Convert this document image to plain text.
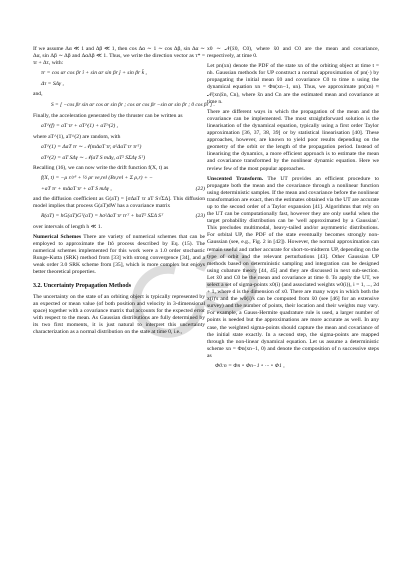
If we assume Δα ≪ 1 and Δβ ≪ 1, then cos Δα ∼ 1 ∼ cos Δβ, sin Δα ∼ Δα, sin Δβ ∼ Δβ and ΔαΔβ ≪ 1. Thus, we write the direction vector as τ* = τr + Δτ, with:

τr = cos αr cos βr î + sin αr sin βr ĵ + sin βr k̂ ,
Δτ = SΔγ ,

and,

S = [ −cos βr sin αr cos αr sin βr ; cos αr cos βr −sin αr sin βr ; 0 cos βr ] .

Finally, the acceleration generated by the thruster can be written as

aT^(f) = aT τr + aT^(1) + aT^(2) ,

where aT^(1), aT^(2) are random, with

aT^(1) = ΔaT τr ∼ 𝒩(mΔaT τr, σ²ΔaT τr τrᵀ)
aT^(2) = aT SΔγ ∼ 𝒩(aT S mΔγ, aT² SΣΔγ Sᵀ)

Recalling (16), we can now write the drift function f(X, t) as

f(X, t) = −μ r/r³ + ½ ρr ve,rel (Bv,rel + Σ ρ,r) + −
+aT τr + mΔaT τr + aT S mΔγ ,	(22)

and the diffusion coefficient as G(aT) = [σΔaT τr aT S√ΣΔ]. This diffusion model implies that process G(aT)dW has a covariance matrix

R(aT) = hG(aT)Gᵀ(aT) = hσ²ΔaT τr τrᵀ + haT² SΣΔ Sᵀ	(23)

over intervals of length h ≪ 1.

Numerical Schemes There are variety of numerical schemes that can be employed to approximate the Itô process described by Eq. (15). The numerical schemes implemented for this work were a 1.0 order stochastic Runge-Kutta (SRK) method from [33] with strong convergence [34], and a weak order 3.0 SRK scheme from [35], which is more complex but enjoys better theoretical properties.

3.2. Uncertainty Propagation Methods

The uncertainty on the state of an orbiting object is typically represented by an expected or mean value (of both position and velocity in 3-dimensional space) together with a covariance matrix that accounts for the expected error with respect to the mean. As Gaussian distributions are fully determined by its two first moments, it is just natural to interpret this uncertainty characterization as a normal distribution on the state at time 0, i.e.,

x0 ∼ 𝒩(x̄0, C0), where x̄0 and C0 are the mean and covariance, respectively, at time 0.

Let pn(xn) denote the PDF of the state xn of the orbiting object at time t = nh. Gaussian methods for UP construct a normal approximation of pn(·) by propagating the initial mean x̄0 and covariance C0 to time n using the dynamical equation xn = Φn(xn−1, un). Thus, we approximate pn(xn) ≈ 𝒩(xn|x̄n, Cn), where x̄n and Cn are the estimated mean and covariance at time n.

There are different ways in which the propagation of the mean and the covariance can be implemented. The most straightforward solution is the linearisation of the dynamical equation, typically using a first order Taylor approximation [36, 37, 38, 39] or by statistical linearisation [40]. These approaches, however, are known to yield poor results depending on the geometry of the orbit or the length of the propagation period. Instead of linearising the dynamics, a more efficient approach is to estimate the mean and covariance transformed by the nonlinear dynamic equation. Here we review few of the most popular approaches.

Unscented Transform. The UT provides an efficient procedure to propagate both the mean and the covariance through a nonlinear function using deterministic samples. If the mean and covariance before the nonlinear transformation are exact, then the estimates obtained via the UT are accurate up to the second order of a Taylor expansion [41]. Algorithms that rely on the UT can be computationally fast, however they are only useful when the target probability distribution can be 'well approximated by a Gaussian'. This precludes multimodal, heavy-tailed and/or asymmetric distributions. For orbital UP, the PDF of the state eventually becomes strongly non-Gaussian (see, e.g., Fig. 2 in [42]). However, the normal approximation can remain useful and rather accurate for short-to-midterm UP, depending on the type of orbit and the relevant perturbations [43]. Other Gaussian UP methods based on deterministic sampling and integration can be designed using cubature theory [44, 45] and they are discussed in next sub-section. Let x̄0 and C0 be the mean and covariance at time 0. To apply the UT, we select a set of sigma-points x0(i) (and associated weights w0(i)), i = 1, ..., 2d + 1, where d is the dimension of x0. There are many ways in which both the x(i)'s and the w0(i)'s can be computed from x̄0 (see [46] for an extensive survey) and the number of points, their location and their weights may vary. For example, a Gauss-Hermite quadrature rule is used, a larger number of points is needed but the approximations are more accurate as well. In any case, the weighted sigma-points should capture the mean and covariance of the initial state exactly. In a second step, the sigma-points are mapped through the non-linear dynamical equation. Let us assume a deterministic scheme xn = Φn(xn−1, 0) and denote the composition of n successive steps as

Φ0:n = Φn ∘ Φn−1 ∘ ··· ∘ Φ1 ,
